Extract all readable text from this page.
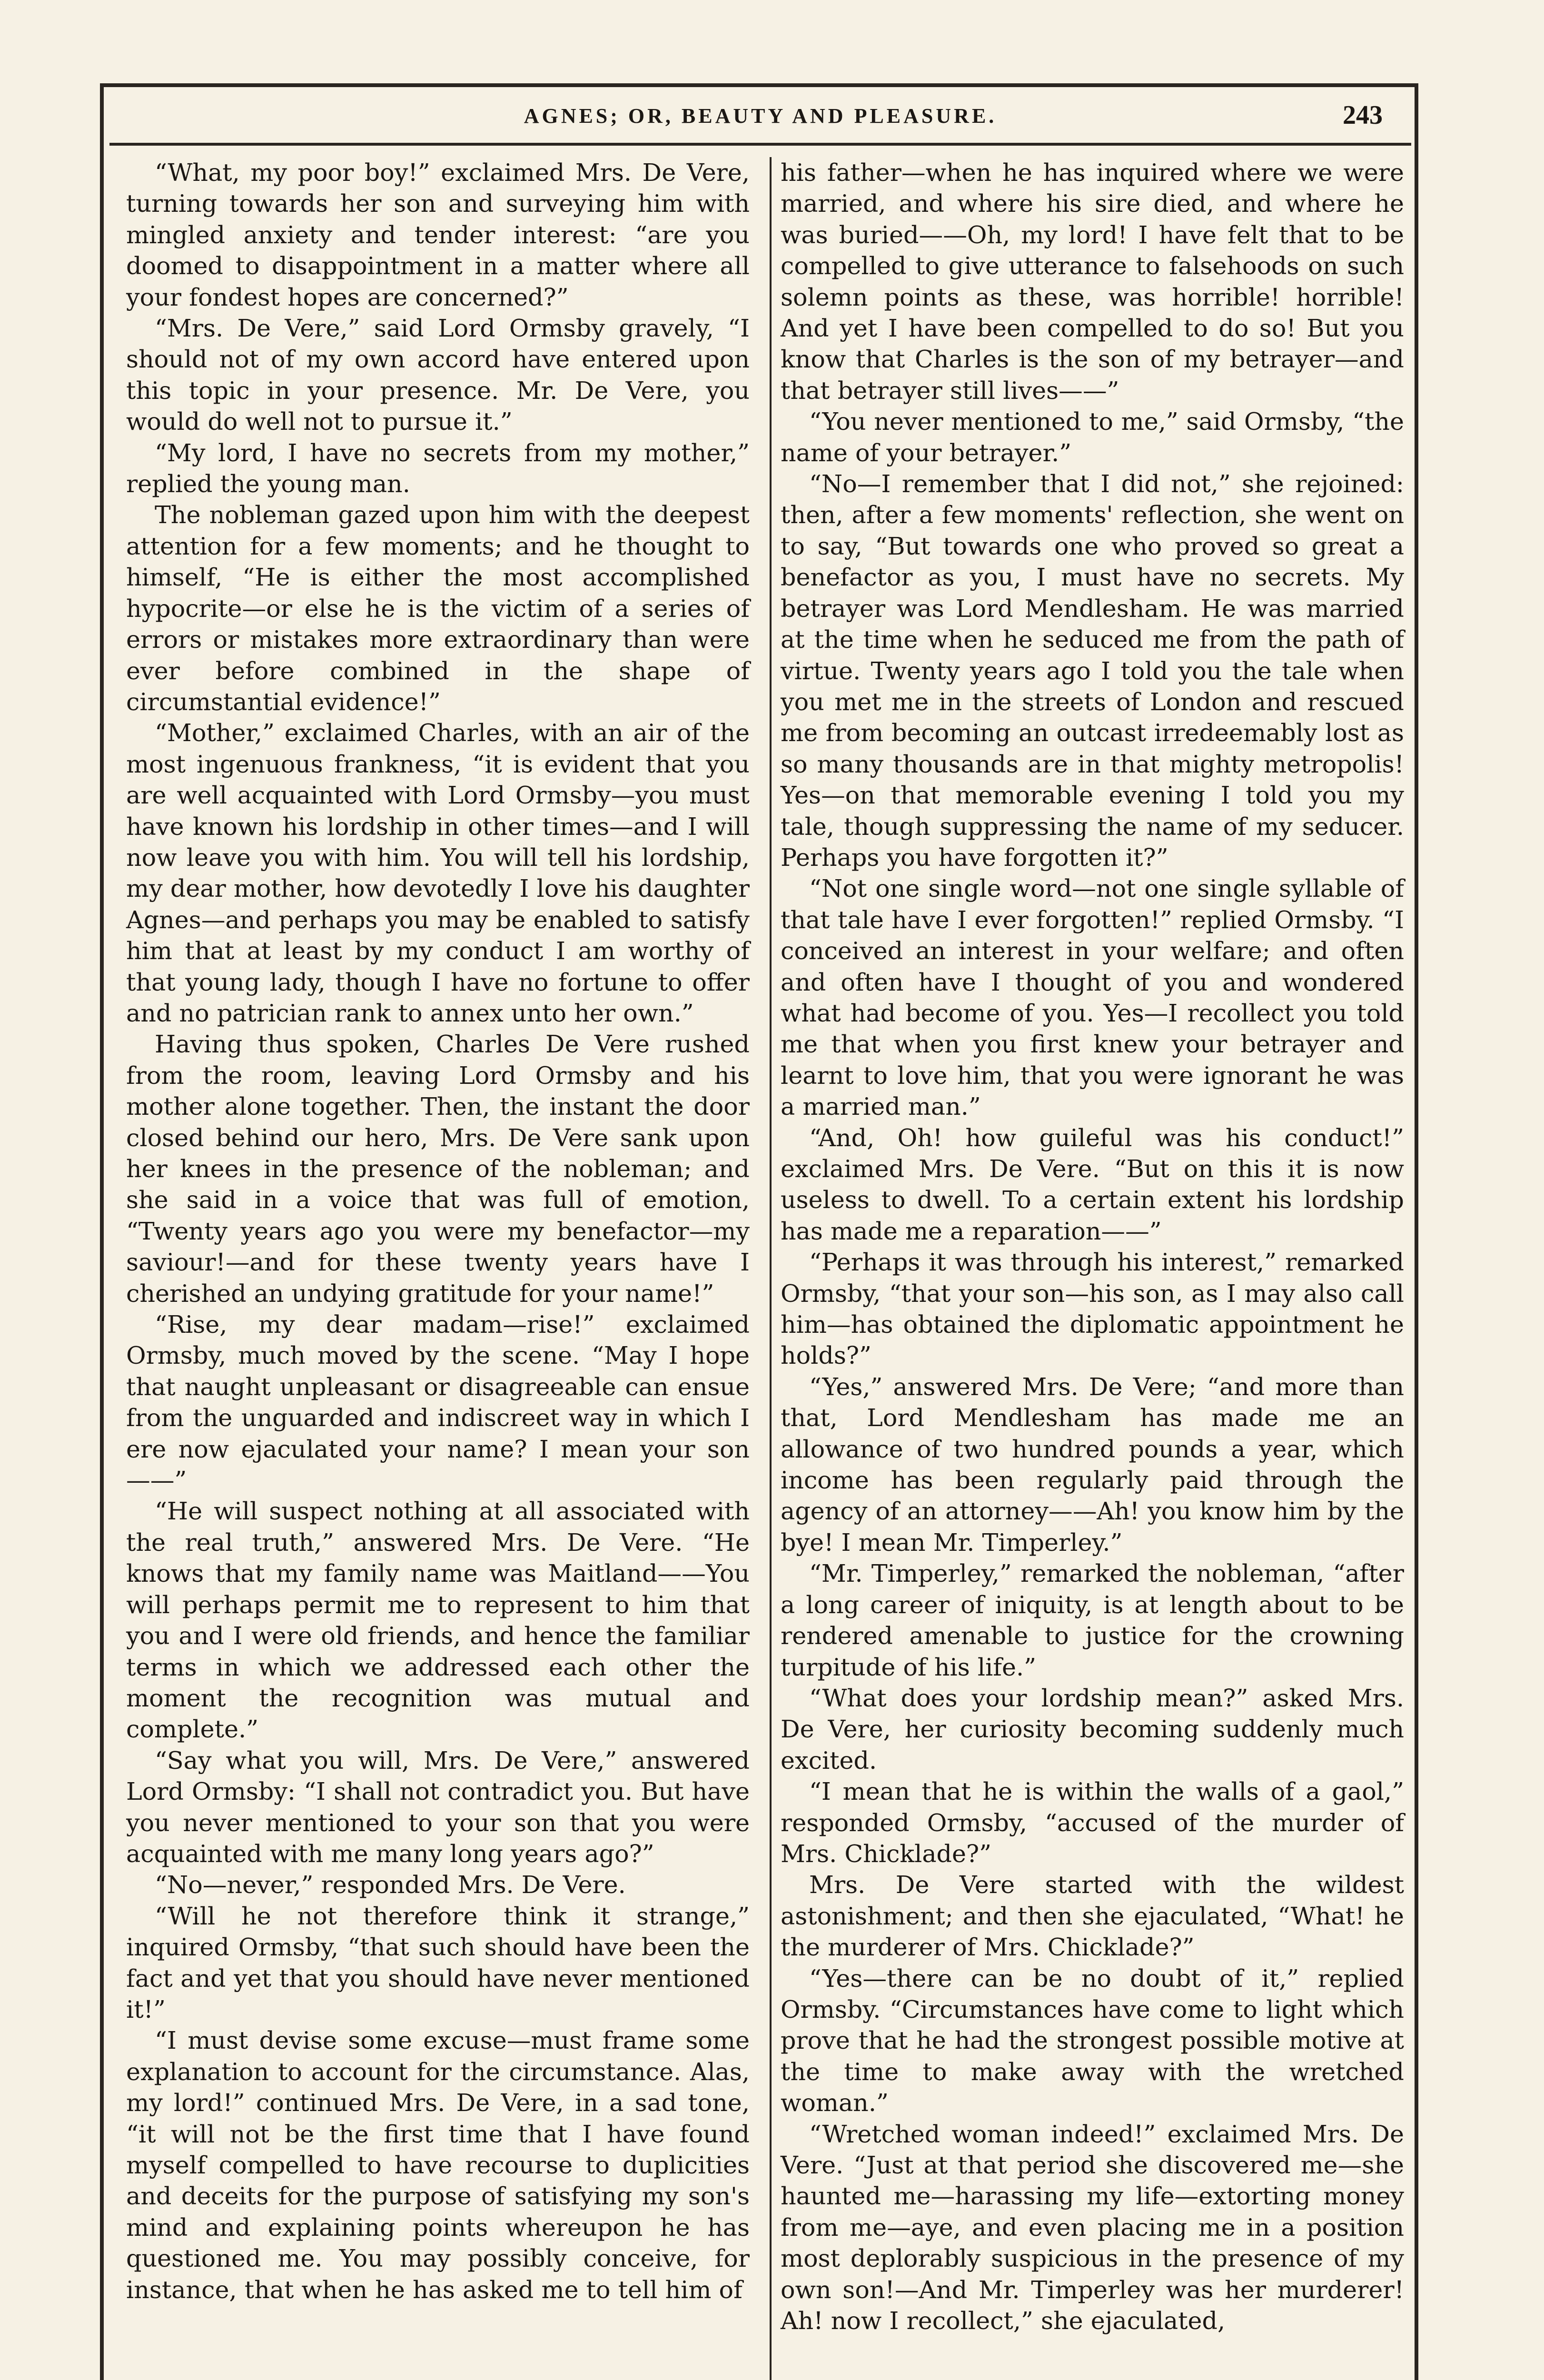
AGNES; OR, BEAUTY AND PLEASURE.	243

“What, my poor boy!” exclaimed Mrs. De Vere, turning towards her son and surveying him with mingled anxiety and tender interest: “are you doomed to disappointment in a matter where all your fondest hopes are concerned?”

“Mrs. De Vere,” said Lord Ormsby gravely, “I should not of my own accord have entered upon this topic in your presence. Mr. De Vere, you would do well not to pursue it.”

“My lord, I have no secrets from my mother,” replied the young man.

The nobleman gazed upon him with the deepest attention for a few moments; and he thought to himself, “He is either the most accomplished hypocrite—or else he is the victim of a series of errors or mistakes more extraordinary than were ever before combined in the shape of circumstantial evidence!”

“Mother,” exclaimed Charles, with an air of the most ingenuous frankness, “it is evident that you are well acquainted with Lord Ormsby—you must have known his lordship in other times—and I will now leave you with him. You will tell his lordship, my dear mother, how devotedly I love his daughter Agnes—and perhaps you may be enabled to satisfy him that at least by my conduct I am worthy of that young lady, though I have no fortune to offer and no patrician rank to annex unto her own.”

Having thus spoken, Charles De Vere rushed from the room, leaving Lord Ormsby and his mother alone together. Then, the instant the door closed behind our hero, Mrs. De Vere sank upon her knees in the presence of the nobleman; and she said in a voice that was full of emotion, “Twenty years ago you were my benefactor—my saviour!—and for these twenty years have I cherished an undying gratitude for your name!”

“Rise, my dear madam—rise!” exclaimed Ormsby, much moved by the scene. “May I hope that naught unpleasant or disagreeable can ensue from the unguarded and indiscreet way in which I ere now ejaculated your name? I mean your son——”

“He will suspect nothing at all associated with the real truth,” answered Mrs. De Vere. “He knows that my family name was Maitland——You will perhaps permit me to represent to him that you and I were old friends, and hence the familiar terms in which we addressed each other the moment the recognition was mutual and complete.”

“Say what you will, Mrs. De Vere,” answered Lord Ormsby: “I shall not contradict you. But have you never mentioned to your son that you were acquainted with me many long years ago?”

“No—never,” responded Mrs. De Vere.

“Will he not therefore think it strange,” inquired Ormsby, “that such should have been the fact and yet that you should have never mentioned it!”

“I must devise some excuse—must frame some explanation to account for the circumstance. Alas, my lord!” continued Mrs. De Vere, in a sad tone, “it will not be the first time that I have found myself compelled to have recourse to duplicities and deceits for the purpose of satisfying my son's mind and explaining points whereupon he has questioned me. You may possibly conceive, for instance, that when he has asked me to tell him of

his father—when he has inquired where we were married, and where his sire died, and where he was buried——Oh, my lord! I have felt that to be compelled to give utterance to falsehoods on such solemn points as these, was horrible! horrible! And yet I have been compelled to do so! But you know that Charles is the son of my betrayer—and that betrayer still lives——”

“You never mentioned to me,” said Ormsby, “the name of your betrayer.”

“No—I remember that I did not,” she rejoined: then, after a few moments' reflection, she went on to say, “But towards one who proved so great a benefactor as you, I must have no secrets. My betrayer was Lord Mendlesham. He was married at the time when he seduced me from the path of virtue. Twenty years ago I told you the tale when you met me in the streets of London and rescued me from becoming an outcast irredeemably lost as so many thousands are in that mighty metropolis! Yes—on that memorable evening I told you my tale, though suppressing the name of my seducer. Perhaps you have forgotten it?”

“Not one single word—not one single syllable of that tale have I ever forgotten!” replied Ormsby. “I conceived an interest in your welfare; and often and often have I thought of you and wondered what had become of you. Yes—I recollect you told me that when you first knew your betrayer and learnt to love him, that you were ignorant he was a married man.”

“And, Oh! how guileful was his conduct!” exclaimed Mrs. De Vere. “But on this it is now useless to dwell. To a certain extent his lordship has made me a reparation——”

“Perhaps it was through his interest,” remarked Ormsby, “that your son—his son, as I may also call him—has obtained the diplomatic appointment he holds?”

“Yes,” answered Mrs. De Vere; “and more than that, Lord Mendlesham has made me an allowance of two hundred pounds a year, which income has been regularly paid through the agency of an attorney——Ah! you know him by the bye! I mean Mr. Timperley.”

“Mr. Timperley,” remarked the nobleman, “after a long career of iniquity, is at length about to be rendered amenable to justice for the crowning turpitude of his life.”

“What does your lordship mean?” asked Mrs. De Vere, her curiosity becoming suddenly much excited.

“I mean that he is within the walls of a gaol,” responded Ormsby, “accused of the murder of Mrs. Chicklade?”

Mrs. De Vere started with the wildest astonishment; and then she ejaculated, “What! he the murderer of Mrs. Chicklade?”

“Yes—there can be no doubt of it,” replied Ormsby. “Circumstances have come to light which prove that he had the strongest possible motive at the time to make away with the wretched woman.”

“Wretched woman indeed!” exclaimed Mrs. De Vere. “Just at that period she discovered me—she haunted me—harassing my life—extorting money from me—aye, and even placing me in a position most deplorably suspicious in the presence of my own son!—And Mr. Timperley was her murderer! Ah! now I recollect,” she ejaculated,
